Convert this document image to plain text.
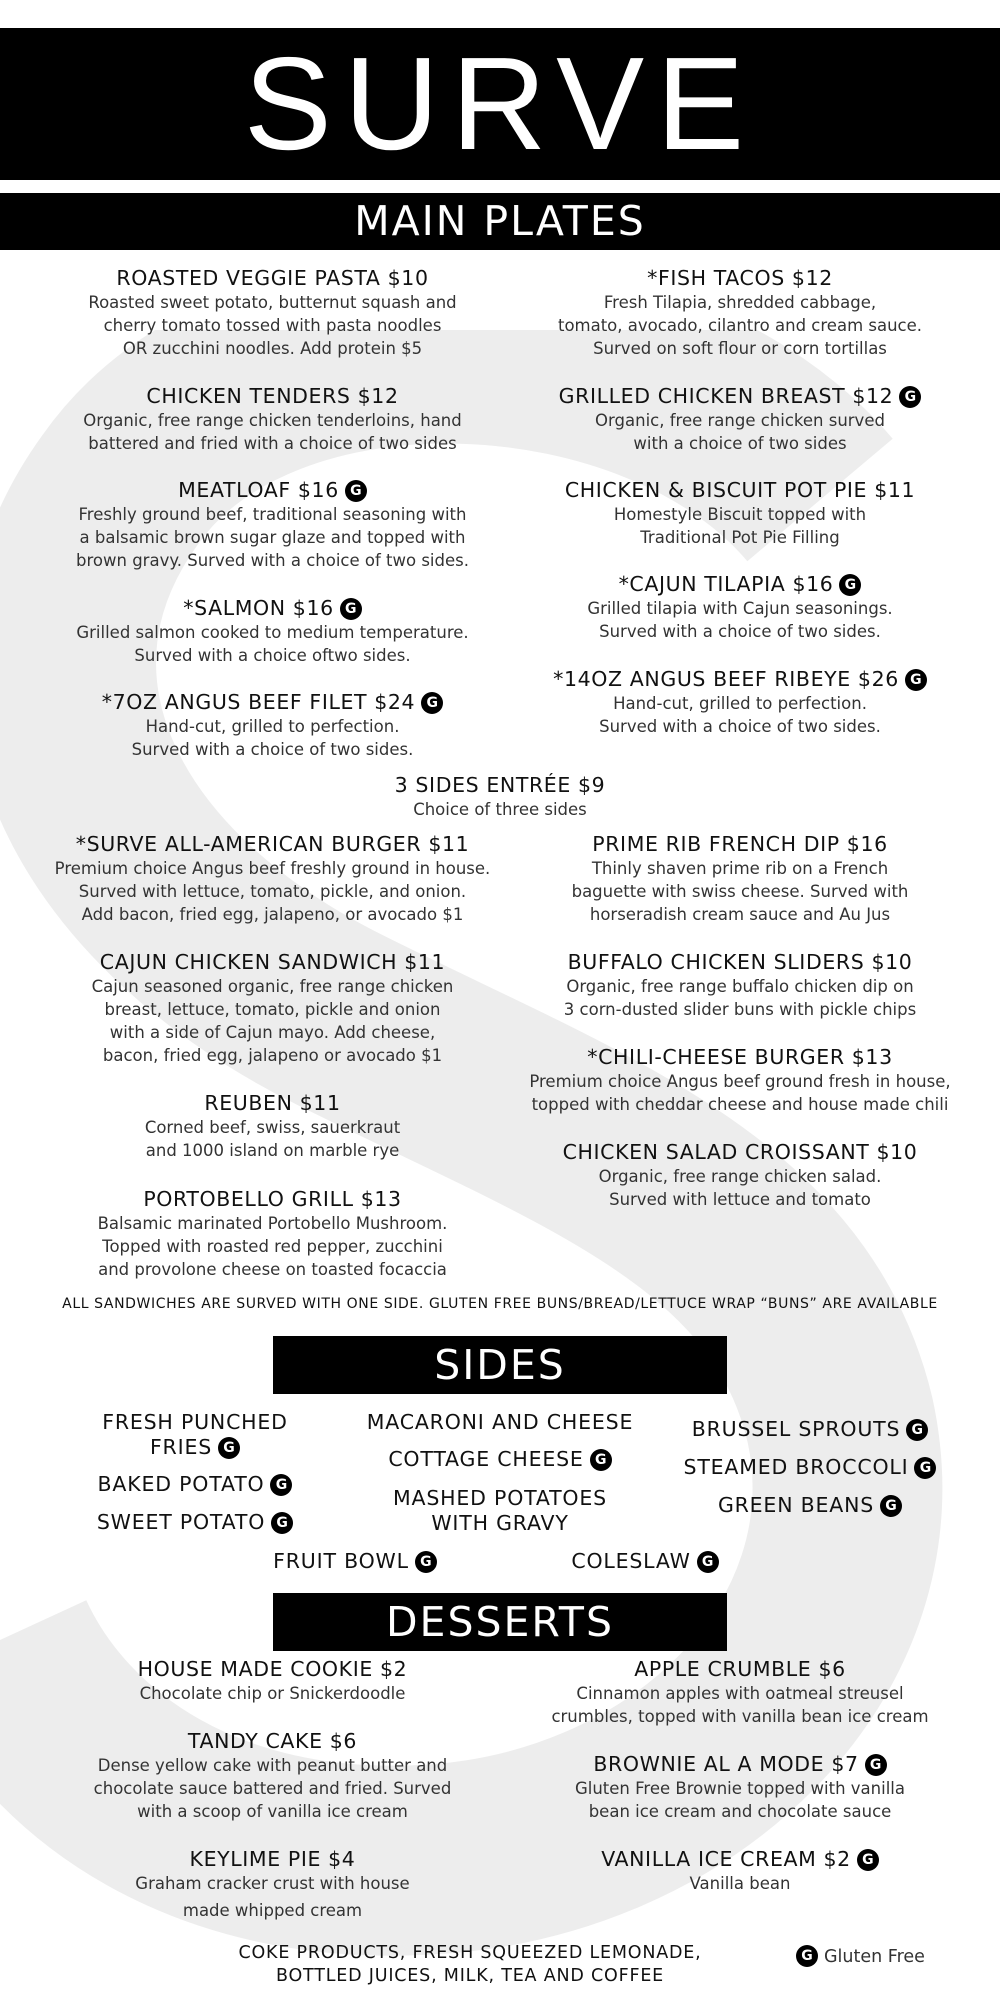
SURVE
MAIN PLATES
ROASTED VEGGIE PASTA $10
Roasted sweet potato, butternut squash and
cherry tomato tossed with pasta noodles
OR zucchini noodles. Add protein $5
CHICKEN TENDERS $12
Organic, free range chicken tenderloins, hand
battered and fried with a choice of two sides
MEATLOAF $16 G
Freshly ground beef, traditional seasoning with
a balsamic brown sugar glaze and topped with
brown gravy. Surved with a choice of two sides.
*SALMON $16 G
Grilled salmon cooked to medium temperature.
Surved with a choice oftwo sides.
*7OZ ANGUS BEEF FILET $24 G
Hand-cut, grilled to perfection.
Surved with a choice of two sides.
*FISH TACOS $12
Fresh Tilapia, shredded cabbage,
tomato, avocado, cilantro and cream sauce.
Surved on soft flour or corn tortillas
GRILLED CHICKEN BREAST $12 G
Organic, free range chicken surved
with a choice of two sides
CHICKEN & BISCUIT POT PIE $11
Homestyle Biscuit topped with
Traditional Pot Pie Filling
*CAJUN TILAPIA $16 G
Grilled tilapia with Cajun seasonings.
Surved with a choice of two sides.
*14OZ ANGUS BEEF RIBEYE $26 G
Hand-cut, grilled to perfection.
Surved with a choice of two sides.
3 SIDES ENTRÉE $9
Choice of three sides
*SURVE ALL-AMERICAN BURGER $11
Premium choice Angus beef freshly ground in house.
Surved with lettuce, tomato, pickle, and onion.
Add bacon, fried egg, jalapeno, or avocado $1
CAJUN CHICKEN SANDWICH $11
Cajun seasoned organic, free range chicken
breast, lettuce, tomato, pickle and onion
with a side of Cajun mayo. Add cheese,
bacon, fried egg, jalapeno or avocado $1
REUBEN $11
Corned beef, swiss, sauerkraut
and 1000 island on marble rye
PORTOBELLO GRILL $13
Balsamic marinated Portobello Mushroom.
Topped with roasted red pepper, zucchini
and provolone cheese on toasted focaccia
PRIME RIB FRENCH DIP $16
Thinly shaven prime rib on a French
baguette with swiss cheese. Surved with
horseradish cream sauce and Au Jus
BUFFALO CHICKEN SLIDERS $10
Organic, free range buffalo chicken dip on
3 corn-dusted slider buns with pickle chips
*CHILI-CHEESE BURGER $13
Premium choice Angus beef ground fresh in house,
topped with cheddar cheese and house made chili
CHICKEN SALAD CROISSANT $10
Organic, free range chicken salad.
Surved with lettuce and tomato
ALL SANDWICHES ARE SURVED WITH ONE SIDE. GLUTEN FREE BUNS/BREAD/LETTUCE WRAP “BUNS” ARE AVAILABLE
SIDES
FRESH PUNCHED
FRIES G
BAKED POTATO G
SWEET POTATO G
MACARONI AND CHEESE
COTTAGE CHEESE G
MASHED POTATOES
WITH GRAVY
BRUSSEL SPROUTS G
STEAMED BROCCOLI G
GREEN BEANS G
FRUIT BOWL G	COLESLAW G
DESSERTS
HOUSE MADE COOKIE $2
Chocolate chip or Snickerdoodle
TANDY CAKE $6
Dense yellow cake with peanut butter and
chocolate sauce battered and fried. Surved
with a scoop of vanilla ice cream
KEYLIME PIE $4
Graham cracker crust with house
made whipped cream
APPLE CRUMBLE $6
Cinnamon apples with oatmeal streusel
crumbles, topped with vanilla bean ice cream
BROWNIE AL A MODE $7 G
Gluten Free Brownie topped with vanilla
bean ice cream and chocolate sauce
VANILLA ICE CREAM $2 G
Vanilla bean
COKE PRODUCTS, FRESH SQUEEZED LEMONADE,
BOTTLED JUICES, MILK, TEA AND COFFEE
G Gluten Free
